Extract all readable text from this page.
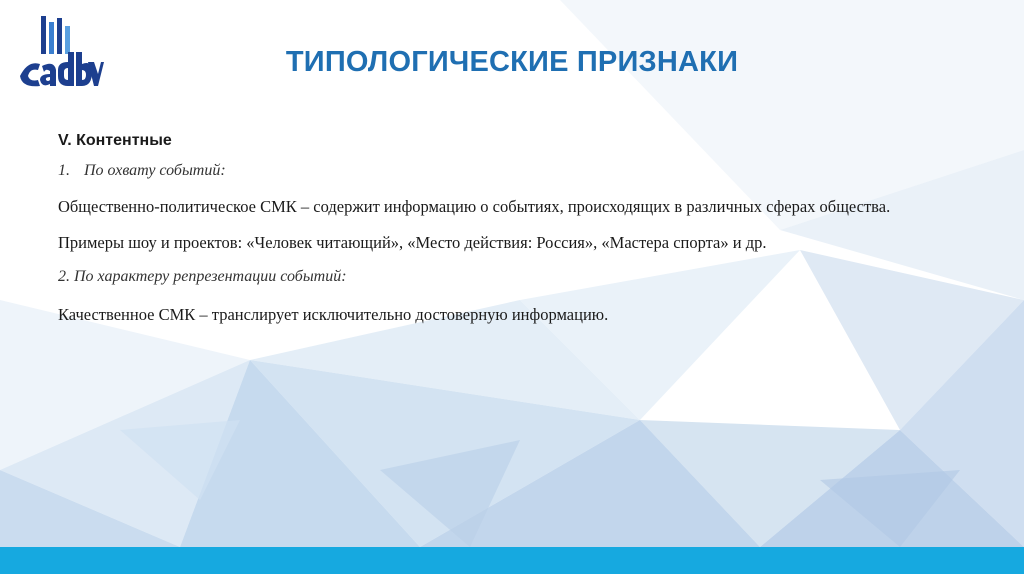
ТИПОЛОГИЧЕСКИЕ ПРИЗНАКИ

V. Контентные

1. По охвату событий:

Общественно-политическое СМК – содержит информацию о событиях, происходящих в различных сферах общества.

Примеры шоу и проектов: «Человек читающий», «Место действия: Россия», «Мастера спорта» и др.

2. По характеру репрезентации событий:

Качественное СМК – транслирует исключительно достоверную информацию.
